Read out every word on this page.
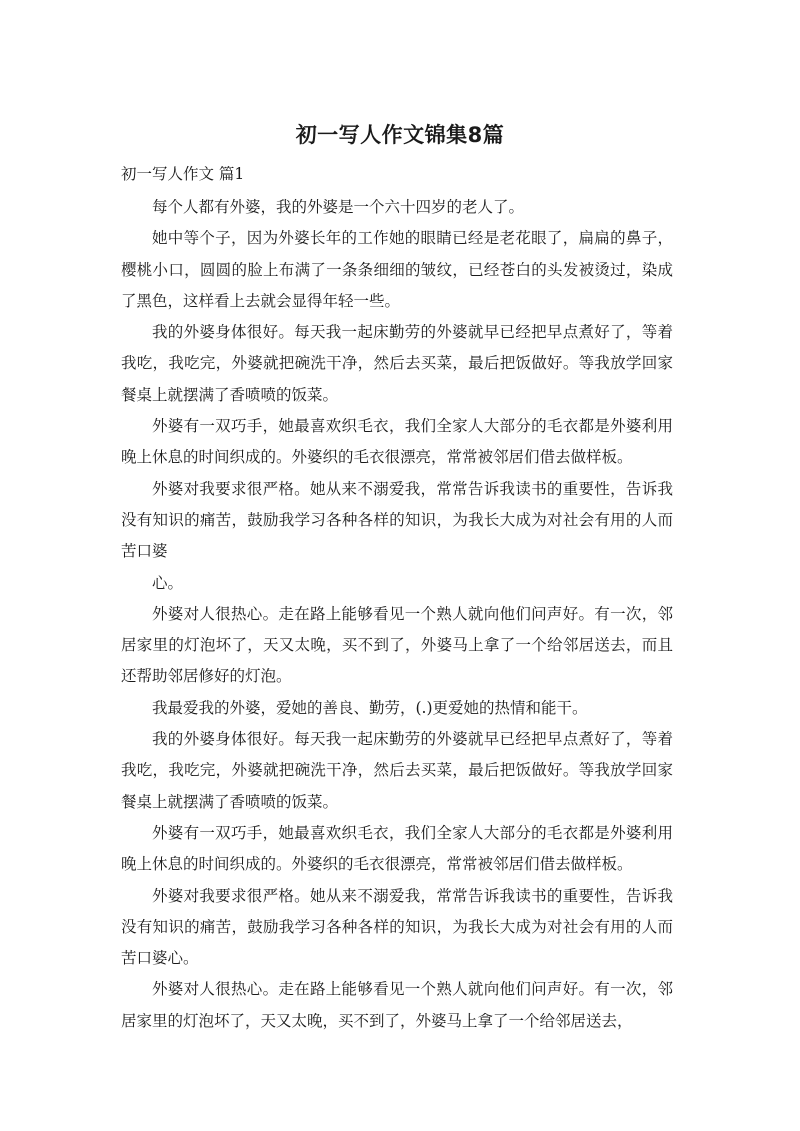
初一写人作文锦集8篇
初一写人作文 篇1

每个人都有外婆，我的外婆是一个六十四岁的老人了。

她中等个子，因为外婆长年的工作她的眼睛已经是老花眼了，扁扁的鼻子，樱桃小口，圆圆的脸上布满了一条条细细的皱纹，已经苍白的头发被烫过，染成了黑色，这样看上去就会显得年轻一些。

我的外婆身体很好。每天我一起床勤劳的外婆就早已经把早点煮好了，等着我吃，我吃完，外婆就把碗洗干净，然后去买菜，最后把饭做好。等我放学回家餐桌上就摆满了香喷喷的饭菜。

外婆有一双巧手，她最喜欢织毛衣，我们全家人大部分的毛衣都是外婆利用晚上休息的时间织成的。外婆织的毛衣很漂亮，常常被邻居们借去做样板。

外婆对我要求很严格。她从来不溺爱我，常常告诉我读书的重要性，告诉我没有知识的痛苦，鼓励我学习各种各样的知识，为我长大成为对社会有用的人而苦口婆

心。

外婆对人很热心。走在路上能够看见一个熟人就向他们问声好。有一次，邻居家里的灯泡坏了，天又太晚，买不到了，外婆马上拿了一个给邻居送去，而且还帮助邻居修好的灯泡。

我最爱我的外婆，爱她的善良、勤劳，(.)更爱她的热情和能干。

我的外婆身体很好。每天我一起床勤劳的外婆就早已经把早点煮好了，等着我吃，我吃完，外婆就把碗洗干净，然后去买菜，最后把饭做好。等我放学回家餐桌上就摆满了香喷喷的饭菜。

外婆有一双巧手，她最喜欢织毛衣，我们全家人大部分的毛衣都是外婆利用晚上休息的时间织成的。外婆织的毛衣很漂亮，常常被邻居们借去做样板。

外婆对我要求很严格。她从来不溺爱我，常常告诉我读书的重要性，告诉我没有知识的痛苦，鼓励我学习各种各样的知识，为我长大成为对社会有用的人而苦口婆心。

外婆对人很热心。走在路上能够看见一个熟人就向他们问声好。有一次，邻居家里的灯泡坏了，天又太晚，买不到了，外婆马上拿了一个给邻居送去，
